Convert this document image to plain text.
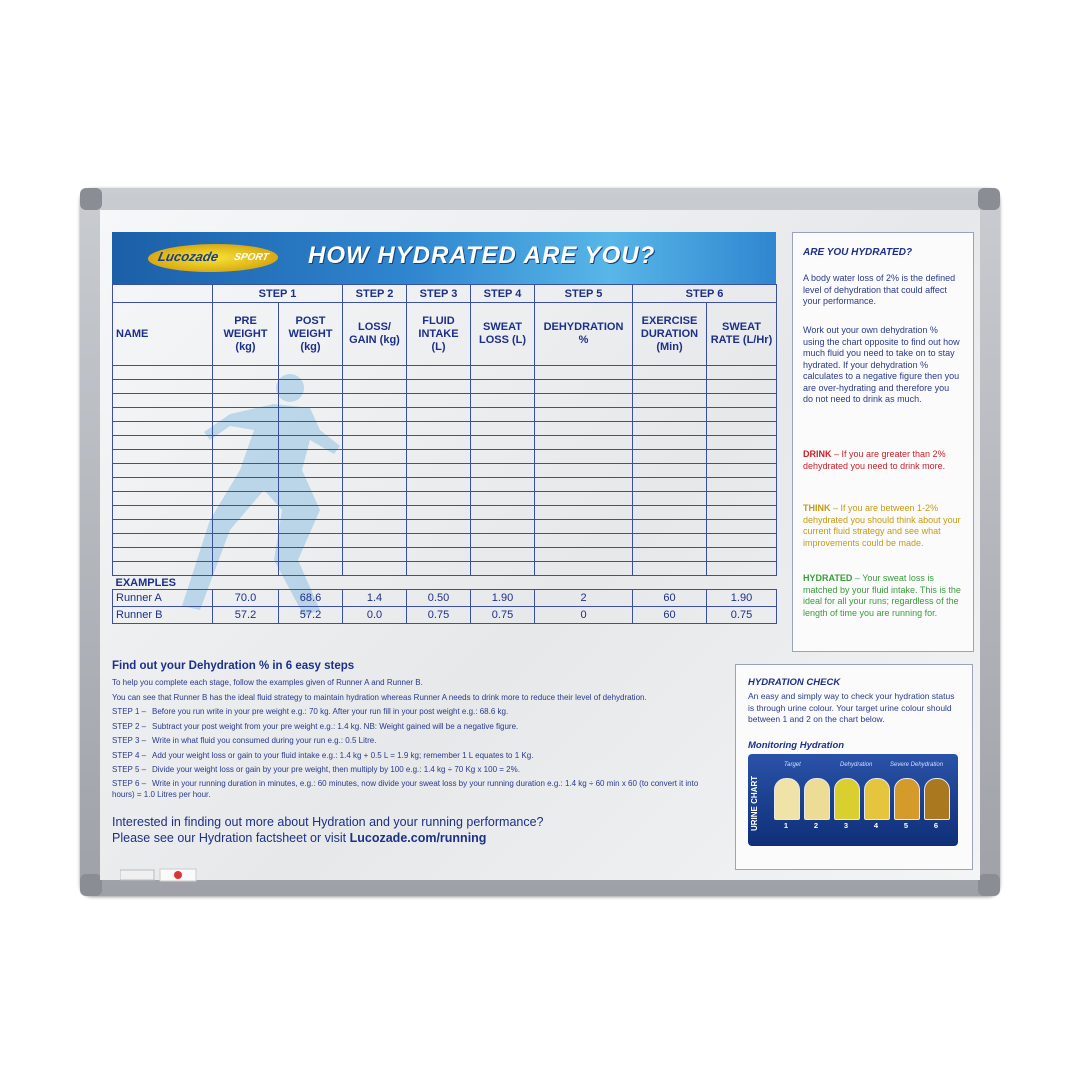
Lucozade SPORT HOW HYDRATED ARE YOU?
	STEP 1		STEP 2	STEP 3	STEP 4	STEP 5	STEP 6	
NAME	PRE WEIGHT (kg)	POST WEIGHT (kg)	LOSS/ GAIN (kg)	FLUID INTAKE (L)	SWEAT LOSS (L)	DEHYDRATION %	EXERCISE DURATION (Min)	SWEAT RATE (L/Hr)

EXAMPLES								
Runner A	70.0	68.6	1.4	0.50	1.90	2	60	1.90
Runner B	57.2	57.2	0.0	0.75	0.75	0	60	0.75
ARE YOU HYDRATED?

A body water loss of 2% is the defined level of dehydration that could affect your performance.

Work out your own dehydration % using the chart opposite to find out how much fluid you need to take on to stay hydrated. If your dehydration % calculates to a negative figure then you are over-hydrating and therefore you do not need to drink as much.

DRINK – If you are greater than 2% dehydrated you need to drink more.

THINK – If you are between 1-2% dehydrated you should think about your current fluid strategy and see what improvements could be made.

HYDRATED – Your sweat loss is matched by your fluid intake. This is the ideal for all your runs; regardless of the length of time you are running for.

Find out your Dehydration % in 6 easy steps
To help you complete each stage, follow the examples given of Runner A and Runner B.
You can see that Runner B has the ideal fluid strategy to maintain hydration whereas Runner A needs to drink more to reduce their level of dehydration.
STEP 1 – Before you run write in your pre weight e.g.: 70 kg. After your run fill in your post weight e.g.: 68.6 kg.
STEP 2 – Subtract your post weight from your pre weight e.g.: 1.4 kg. NB: Weight gained will be a negative figure.
STEP 3 – Write in what fluid you consumed during your run e.g.: 0.5 Litre.
STEP 4 – Add your weight loss or gain to your fluid intake e.g.: 1.4 kg + 0.5 L = 1.9 kg; remember 1 L equates to 1 Kg.
STEP 5 – Divide your weight loss or gain by your pre weight, then multiply by 100 e.g.: 1.4 kg ÷ 70 Kg x 100 = 2%.
STEP 6 – Write in your running duration in minutes, e.g.: 60 minutes, now divide your sweat loss by your running duration e.g.: 1.4 kg ÷ 60 min x 60 (to convert it into hours) = 1.0 Litres per hour.
Interested in finding out more about Hydration and your running performance?
Please see our Hydration factsheet or visit Lucozade.com/running
HYDRATION CHECK
An easy and simply way to check your hydration status is through urine colour. Your target urine colour should between 1 and 2 on the chart below.
Monitoring Hydration
URINE CHART
Target	Dehydration	Severe Dehydration
1	2	3	4	5	6
